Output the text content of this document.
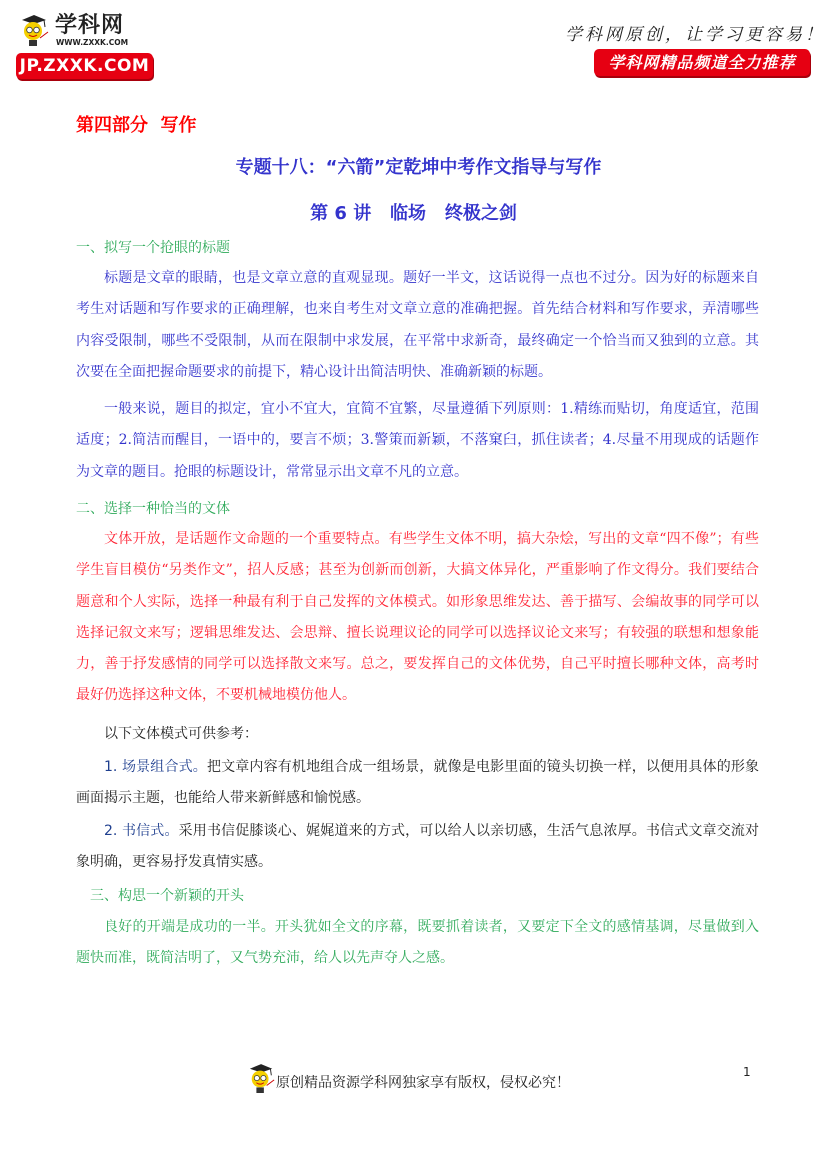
学科网
WWW.ZXXK.COM
JP.ZXXK.COM
学科网原创，让学习更容易！
学科网精品频道全力推荐
第四部分  写作
专题十八：“六箭”定乾坤中考作文指导与写作
第 6 讲   临场   终极之剑
一、拟写一个抢眼的标题

标题是文章的眼睛，也是文章立意的直观显现。题好一半文，这话说得一点也不过分。因为好的标题来自考生对话题和写作要求的正确理解，也来自考生对文章立意的准确把握。首先结合材料和写作要求，弄清哪些内容受限制，哪些不受限制，从而在限制中求发展，在平常中求新奇，最终确定一个恰当而又独到的立意。其次要在全面把握命题要求的前提下，精心设计出简洁明快、准确新颖的标题。

一般来说，题目的拟定，宜小不宜大，宜简不宜繁，尽量遵循下列原则：1.精练而贴切，角度适宜，范围适度；2.简洁而醒目，一语中的，要言不烦；3.警策而新颖，不落窠臼，抓住读者；4.尽量不用现成的话题作为文章的题目。抢眼的标题设计，常常显示出文章不凡的立意。

二、选择一种恰当的文体

文体开放，是话题作文命题的一个重要特点。有些学生文体不明，搞大杂烩，写出的文章“四不像”；有些学生盲目模仿“另类作文”，招人反感；甚至为创新而创新，大搞文体异化，严重影响了作文得分。我们要结合题意和个人实际，选择一种最有利于自己发挥的文体模式。如形象思维发达、善于描写、会编故事的同学可以选择记叙文来写；逻辑思维发达、会思辩、擅长说理议论的同学可以选择议论文来写；有较强的联想和想象能力，善于抒发感情的同学可以选择散文来写。总之，要发挥自己的文体优势，自己平时擅长哪种文体，高考时最好仍选择这种文体，不要机械地模仿他人。

以下文体模式可供参考：

1. 场景组合式。把文章内容有机地组合成一组场景，就像是电影里面的镜头切换一样，以便用具体的形象画面揭示主题，也能给人带来新鲜感和愉悦感。

2. 书信式。采用书信促膝谈心、娓娓道来的方式，可以给人以亲切感，生活气息浓厚。书信式文章交流对象明确，更容易抒发真情实感。

三、构思一个新颖的开头

良好的开端是成功的一半。开头犹如全文的序幕，既要抓着读者，又要定下全文的感情基调，尽量做到入题快而准，既简洁明了，又气势充沛，给人以先声夺人之感。

原创精品资源学科网独家享有版权，侵权必究！
1
